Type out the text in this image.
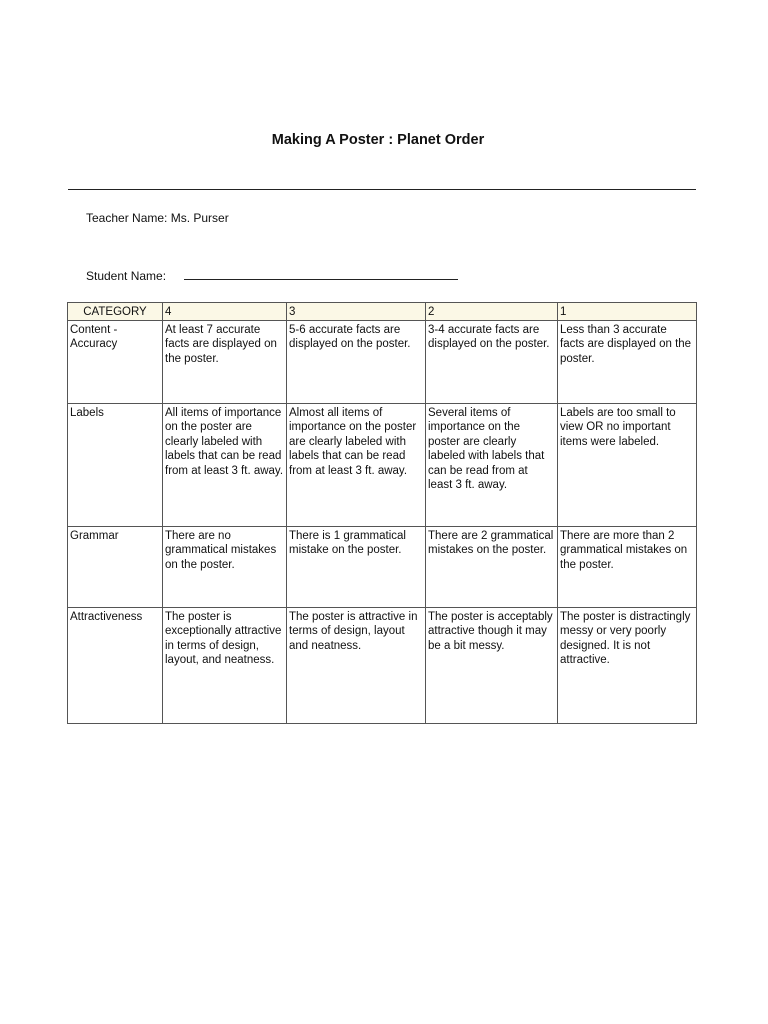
Making A Poster : Planet Order
Teacher Name: Ms. Purser
Student Name:
CATEGORY	4	3	2	1
Content - Accuracy	At least 7 accurate facts are displayed on the poster.	5-6 accurate facts are displayed on the poster.	3-4 accurate facts are displayed on the poster.	Less than 3 accurate facts are displayed on the poster.
Labels	All items of importance on the poster are clearly labeled with labels that can be read from at least 3 ft. away.	Almost all items of importance on the poster are clearly labeled with labels that can be read from at least 3 ft. away.	Several items of importance on the poster are clearly labeled with labels that can be read from at least 3 ft. away.	Labels are too small to view OR no important items were labeled.
Grammar	There are no grammatical mistakes on the poster.	There is 1 grammatical mistake on the poster.	There are 2 grammatical mistakes on the poster.	There are more than 2 grammatical mistakes on the poster.
Attractiveness	The poster is exceptionally attractive in terms of design, layout, and neatness.	The poster is attractive in terms of design, layout and neatness.	The poster is acceptably attractive though it may be a bit messy.	The poster is distractingly messy or very poorly designed. It is not attractive.
